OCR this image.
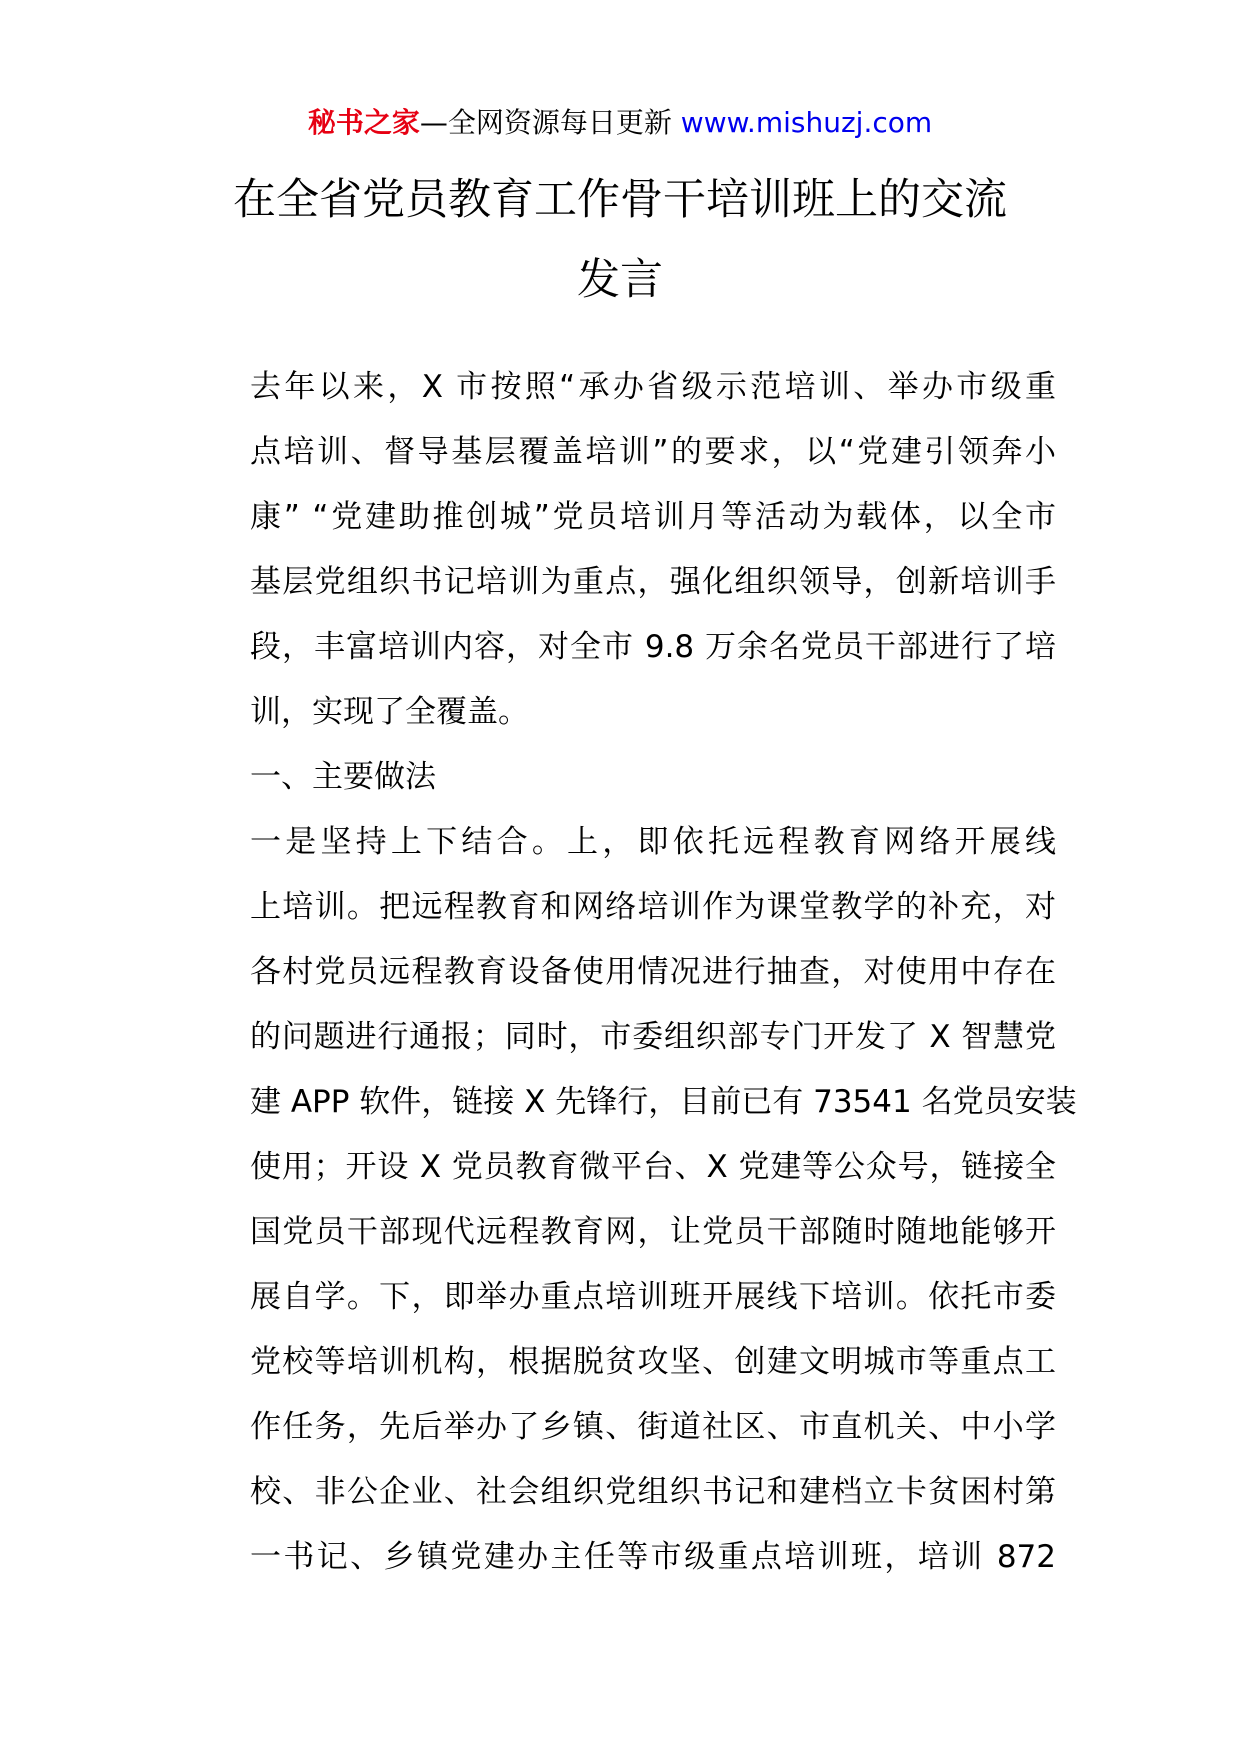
秘书之家—全网资源每日更新 www.mishuzj.com
在全省党员教育工作骨干培训班上的交流
发言

去年以来，X 市按照“承办省级示范培训、举办市级重
点培训、督导基层覆盖培训”的要求，以“党建引领奔小
康” “党建助推创城”党员培训月等活动为载体，以全市
基层党组织书记培训为重点，强化组织领导，创新培训手
段，丰富培训内容，对全市 9.8 万余名党员干部进行了培
训，实现了全覆盖。

一、主要做法

一是坚持上下结合。上，即依托远程教育网络开展线
上培训。把远程教育和网络培训作为课堂教学的补充，对
各村党员远程教育设备使用情况进行抽查，对使用中存在
的问题进行通报；同时，市委组织部专门开发了 X 智慧党
建 APP 软件，链接 X 先锋行，目前已有 73541 名党员安装
使用；开设 X 党员教育微平台、X 党建等公众号，链接全
国党员干部现代远程教育网，让党员干部随时随地能够开
展自学。下，即举办重点培训班开展线下培训。依托市委
党校等培训机构，根据脱贫攻坚、创建文明城市等重点工
作任务，先后举办了乡镇、街道社区、市直机关、中小学
校、非公企业、社会组织党组织书记和建档立卡贫困村第
一书记、乡镇党建办主任等市级重点培训班，培训 872
